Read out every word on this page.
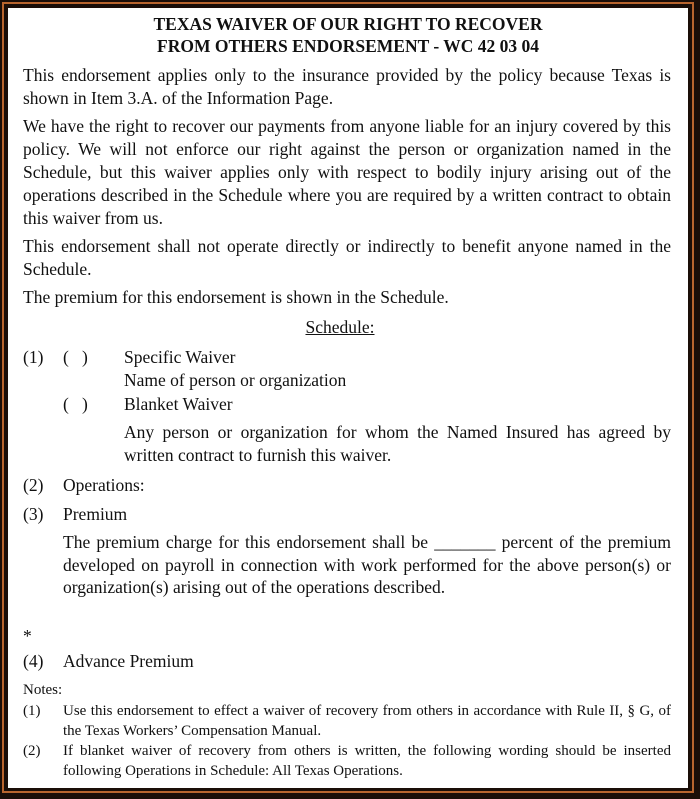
TEXAS WAIVER OF OUR RIGHT TO RECOVER
FROM OTHERS ENDORSEMENT - WC 42 03 04
This endorsement applies only to the insurance provided by the policy because Texas is shown in Item 3.A. of the Information Page.
We have the right to recover our payments from anyone liable for an injury covered by this policy. We will not enforce our right against the person or organization named in the Schedule, but this waiver applies only with respect to bodily injury arising out of the operations described in the Schedule where you are required by a written contract to obtain this waiver from us.
This endorsement shall not operate directly or indirectly to benefit anyone named in the Schedule.
The premium for this endorsement is shown in the Schedule.
Schedule:
(1) (   ) Specific Waiver
Name of person or organization
(   ) Blanket Waiver
Any person or organization for whom the Named Insured has agreed by written contract to furnish this waiver.
(2) Operations:
(3) Premium
The premium charge for this endorsement shall be _______ percent of the premium developed on payroll in connection with work performed for the above person(s) or organization(s) arising out of the operations described.
*
(4) Advance Premium
Notes:
(1) Use this endorsement to effect a waiver of recovery from others in accordance with Rule II, § G, of the Texas Workers’ Compensation Manual.
(2) If blanket waiver of recovery from others is written, the following wording should be inserted following Operations in Schedule: All Texas Operations.
